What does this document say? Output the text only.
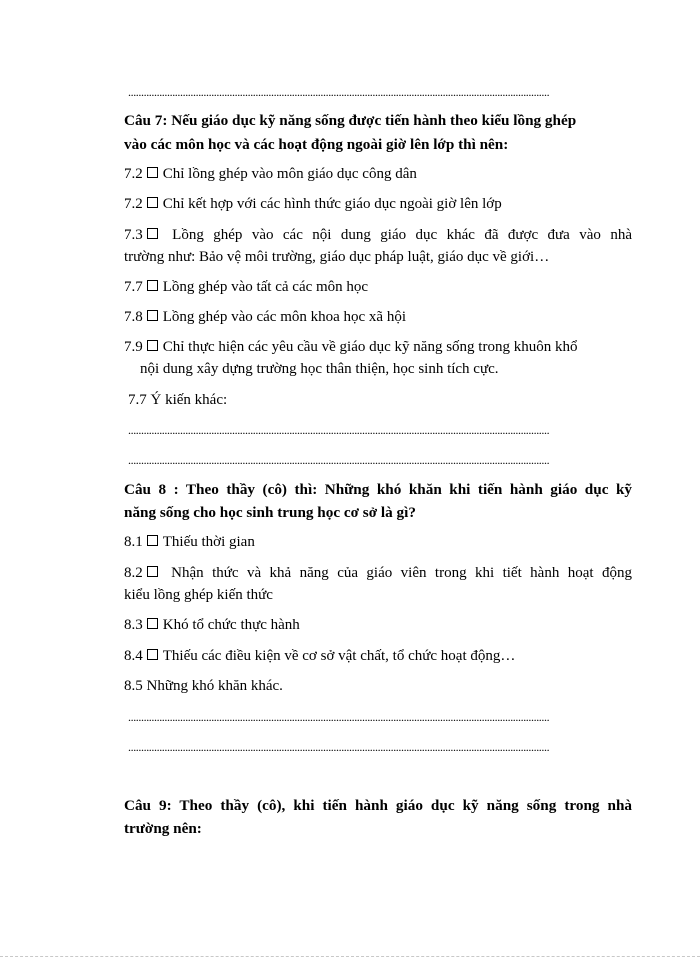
..................................................................................................................................................................
Câu 7: Nếu giáo dục kỹ năng sống được tiến hành theo kiểu lồng ghép
vào các môn học và các hoạt động ngoài giờ lên lớp thì nên:
7.2 Chỉ lồng ghép vào môn giáo dục công dân
7.2 Chỉ kết hợp với các hình thức giáo dục ngoài giờ lên lớp
7.3 Lồng ghép vào các nội dung giáo dục khác đã được đưa vào nhà
trường như: Bảo vệ môi trường, giáo dục pháp luật, giáo dục về giới…
7.7 Lồng ghép vào tất cả các môn học
7.8 Lồng ghép vào các môn khoa học xã hội
7.9 Chỉ thực hiện các yêu cầu về giáo dục kỹ năng sống trong khuôn khổ
nội dung xây dựng trường học thân thiện, học sinh tích cực.
7.7 Ý kiến khác:
..................................................................................................................................................................
..................................................................................................................................................................
Câu 8 : Theo thầy (cô) thì: Những khó khăn khi tiến hành giáo dục kỹ
năng sống cho học sinh trung học cơ sở là gì?
8.1 Thiếu thời gian
8.2 Nhận thức và khả năng của giáo viên trong khi tiết hành hoạt động
kiểu lồng ghép kiến thức
8.3 Khó tổ chức thực hành
8.4 Thiếu các điều kiện về cơ sở vật chất, tổ chức hoạt động…
8.5 Những khó khăn khác.
..................................................................................................................................................................
..................................................................................................................................................................
Câu 9: Theo thầy (cô), khi tiến hành giáo dục kỹ năng sống trong nhà
trường nên:
